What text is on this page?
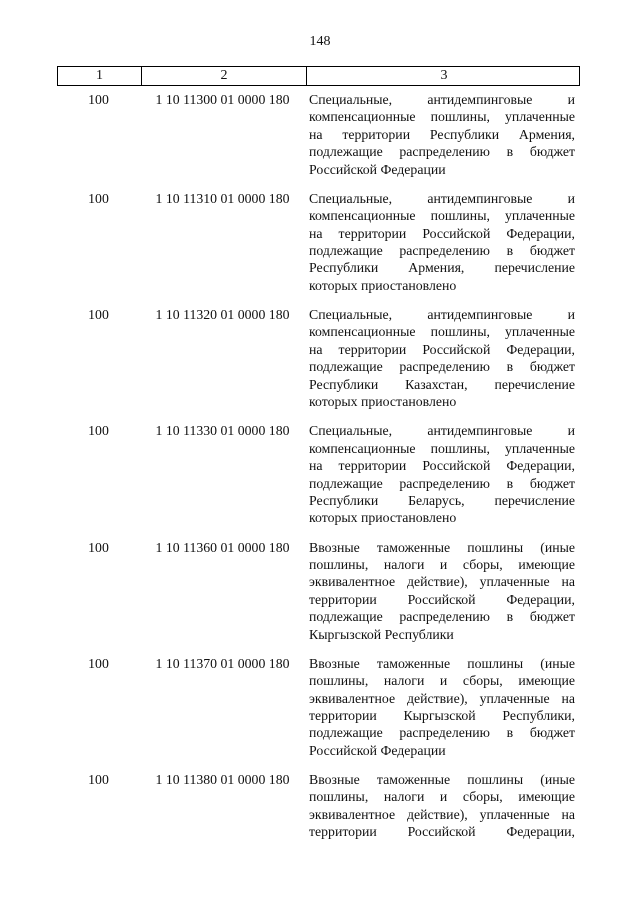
148
1	2	3
100	1 10 11300 01 0000 180	Специальные, антидемпинговые и
компенсационные пошлины, уплаченные
на территории Республики Армения,
подлежащие распределению в бюджет
Российской Федерации
100	1 10 11310 01 0000 180	Специальные, антидемпинговые и
компенсационные пошлины, уплаченные
на территории Российской Федерации,
подлежащие распределению в бюджет
Республики Армения, перечисление
которых приостановлено
100	1 10 11320 01 0000 180	Специальные, антидемпинговые и
компенсационные пошлины, уплаченные
на территории Российской Федерации,
подлежащие распределению в бюджет
Республики Казахстан, перечисление
которых приостановлено
100	1 10 11330 01 0000 180	Специальные, антидемпинговые и
компенсационные пошлины, уплаченные
на территории Российской Федерации,
подлежащие распределению в бюджет
Республики Беларусь, перечисление
которых приостановлено
100	1 10 11360 01 0000 180	Ввозные таможенные пошлины (иные
пошлины, налоги и сборы, имеющие
эквивалентное действие), уплаченные на
территории Российской Федерации,
подлежащие распределению в бюджет
Кыргызской Республики
100	1 10 11370 01 0000 180	Ввозные таможенные пошлины (иные
пошлины, налоги и сборы, имеющие
эквивалентное действие), уплаченные на
территории Кыргызской Республики,
подлежащие распределению в бюджет
Российской Федерации
100	1 10 11380 01 0000 180	Ввозные таможенные пошлины (иные
пошлины, налоги и сборы, имеющие
эквивалентное действие), уплаченные на
территории Российской Федерации,
